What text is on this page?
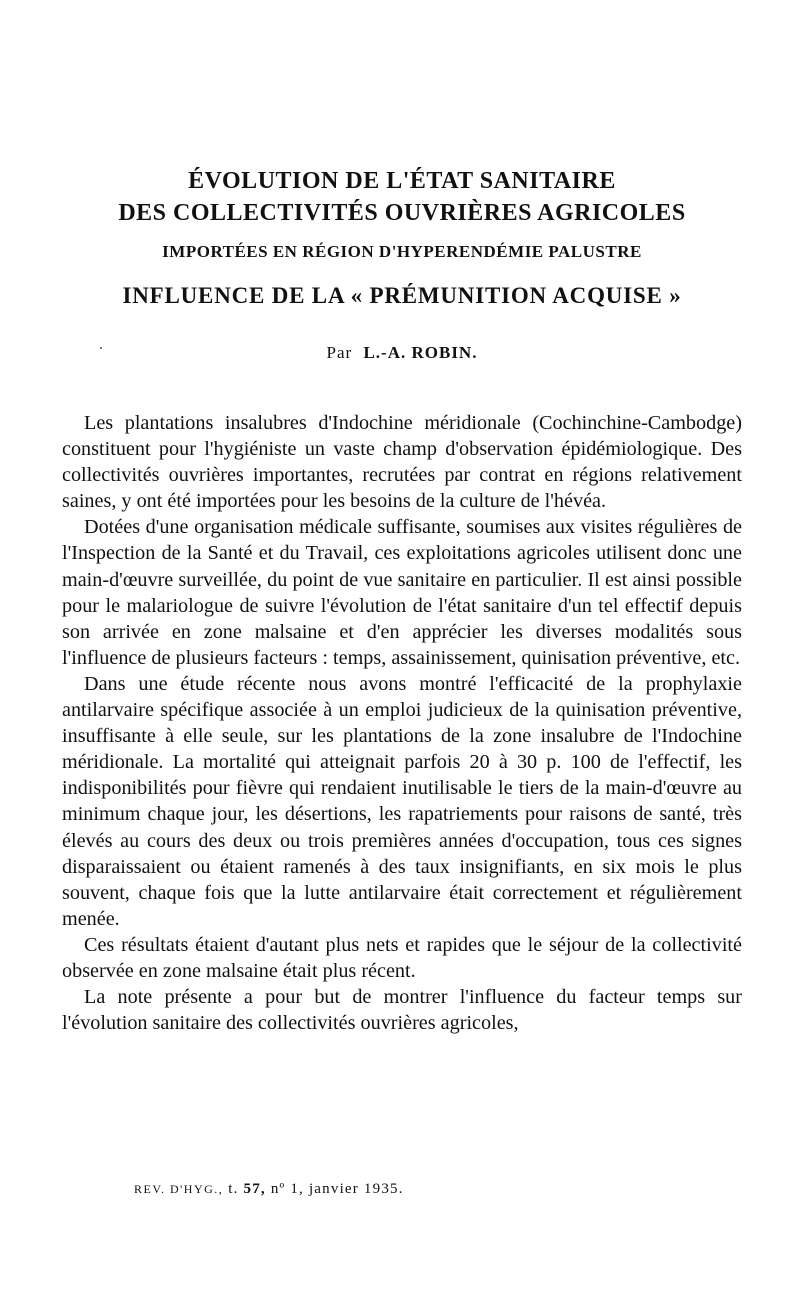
ÉVOLUTION DE L'ÉTAT SANITAIRE
DES COLLECTIVITÉS OUVRIÈRES AGRICOLES
IMPORTÉES EN RÉGION D'HYPERENDÉMIE PALUSTRE
INFLUENCE DE LA « PRÉMUNITION ACQUISE »
Par L.-A. ROBIN.

Les plantations insalubres d'Indochine méridionale (Cochinchine-Cambodge) constituent pour l'hygiéniste un vaste champ d'observation épidémiologique. Des collectivités ouvrières importantes, recrutées par contrat en régions relativement saines, y ont été importées pour les besoins de la culture de l'hévéa.

Dotées d'une organisation médicale suffisante, soumises aux visites régulières de l'Inspection de la Santé et du Travail, ces exploitations agricoles utilisent donc une main-d'œuvre surveillée, du point de vue sanitaire en particulier. Il est ainsi possible pour le malariologue de suivre l'évolution de l'état sanitaire d'un tel effectif depuis son arrivée en zone malsaine et d'en apprécier les diverses modalités sous l'influence de plusieurs facteurs : temps, assainissement, quinisation préventive, etc.

Dans une étude récente nous avons montré l'efficacité de la prophylaxie antilarvaire spécifique associée à un emploi judicieux de la quinisation préventive, insuffisante à elle seule, sur les plantations de la zone insalubre de l'Indochine méridionale. La mortalité qui atteignait parfois 20 à 30 p. 100 de l'effectif, les indisponibilités pour fièvre qui rendaient inutilisable le tiers de la main-d'œuvre au minimum chaque jour, les désertions, les rapatriements pour raisons de santé, très élevés au cours des deux ou trois premières années d'occupation, tous ces signes disparaissaient ou étaient ramenés à des taux insignifiants, en six mois le plus souvent, chaque fois que la lutte antilarvaire était correctement et régulièrement menée.

Ces résultats étaient d'autant plus nets et rapides que le séjour de la collectivité observée en zone malsaine était plus récent.

La note présente a pour but de montrer l'influence du facteur temps sur l'évolution sanitaire des collectivités ouvrières agricoles,

REV. D'HYG., t. 57, nº 1, janvier 1935.
